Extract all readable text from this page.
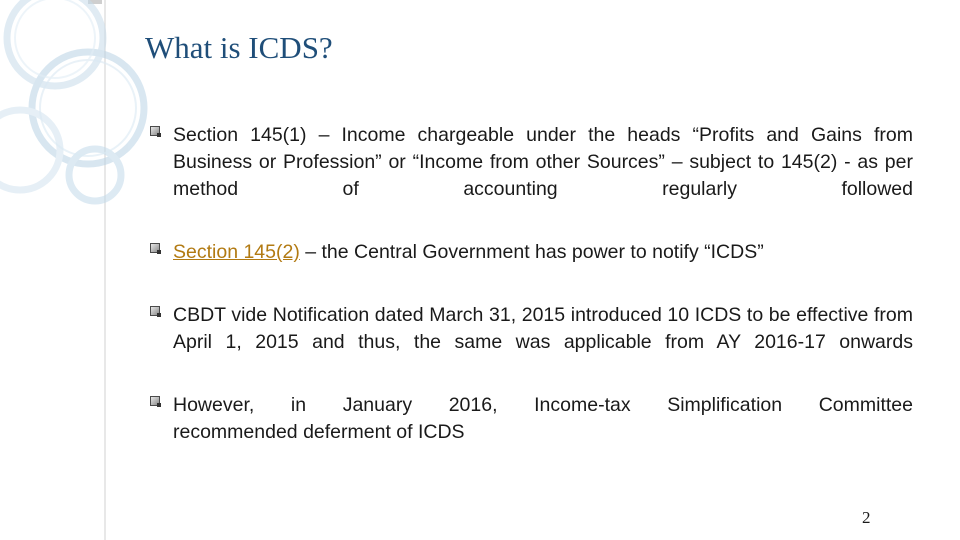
What is ICDS?
Section 145(1) – Income chargeable under the heads “Profits and Gains from Business or Profession” or “Income from other Sources” – subject to 145(2) - as per method of accounting regularly followed
Section 145(2) – the Central Government has power to notify “ICDS”
CBDT vide Notification dated March 31, 2015 introduced 10 ICDS to be effective from April 1, 2015 and thus, the same was applicable from AY 2016-17 onwards
However, in January 2016, Income-tax Simplification Committee
recommended deferment of ICDS
2
